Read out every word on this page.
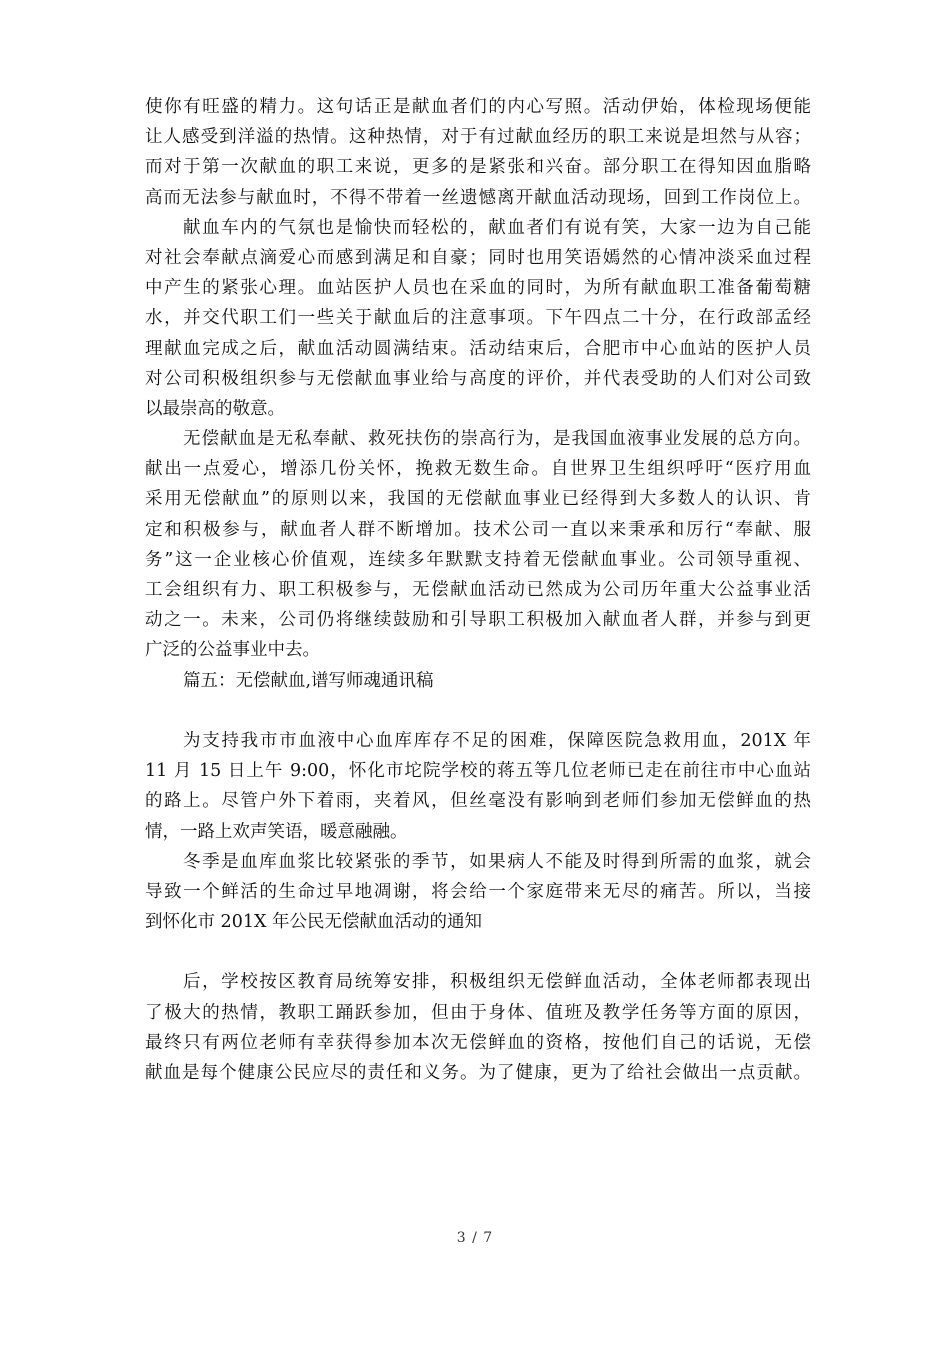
使你有旺盛的精力。这句话正是献血者们的内心写照。活动伊始，体检现场便能
让人感受到洋溢的热情。这种热情，对于有过献血经历的职工来说是坦然与从容；
而对于第一次献血的职工来说，更多的是紧张和兴奋。部分职工在得知因血脂略
高而无法参与献血时，不得不带着一丝遗憾离开献血活动现场，回到工作岗位上。
献血车内的气氛也是愉快而轻松的，献血者们有说有笑，大家一边为自己能
对社会奉献点滴爱心而感到满足和自豪；同时也用笑语嫣然的心情冲淡采血过程
中产生的紧张心理。血站医护人员也在采血的同时，为所有献血职工准备葡萄糖
水，并交代职工们一些关于献血后的注意事项。下午四点二十分，在行政部孟经
理献血完成之后，献血活动圆满结束。活动结束后，合肥市中心血站的医护人员
对公司积极组织参与无偿献血事业给与高度的评价，并代表受助的人们对公司致
以最崇高的敬意。
无偿献血是无私奉献、救死扶伤的崇高行为，是我国血液事业发展的总方向。
献出一点爱心，增添几份关怀，挽救无数生命。自世界卫生组织呼吁“医疗用血
采用无偿献血”的原则以来，我国的无偿献血事业已经得到大多数人的认识、肯
定和积极参与，献血者人群不断增加。技术公司一直以来秉承和厉行“奉献、服
务”这一企业核心价值观，连续多年默默支持着无偿献血事业。公司领导重视、
工会组织有力、职工积极参与，无偿献血活动已然成为公司历年重大公益事业活
动之一。未来，公司仍将继续鼓励和引导职工积极加入献血者人群，并参与到更
广泛的公益事业中去。
篇五：无偿献血,谱写师魂通讯稿
为支持我市市血液中心血库库存不足的困难，保障医院急救用血，201X 年
11 月 15 日上午 9:00，怀化市坨院学校的蒋五等几位老师已走在前往市中心血站
的路上。尽管户外下着雨，夹着风，但丝毫没有影响到老师们参加无偿鲜血的热
情，一路上欢声笑语，暖意融融。
冬季是血库血浆比较紧张的季节，如果病人不能及时得到所需的血浆，就会
导致一个鲜活的生命过早地凋谢，将会给一个家庭带来无尽的痛苦。所以，当接
到怀化市 201X 年公民无偿献血活动的通知
后，学校按区教育局统筹安排，积极组织无偿鲜血活动，全体老师都表现出
了极大的热情，教职工踊跃参加，但由于身体、值班及教学任务等方面的原因，
最终只有两位老师有幸获得参加本次无偿鲜血的资格，按他们自己的话说，无偿
献血是每个健康公民应尽的责任和义务。为了健康，更为了给社会做出一点贡献。
3 / 7
